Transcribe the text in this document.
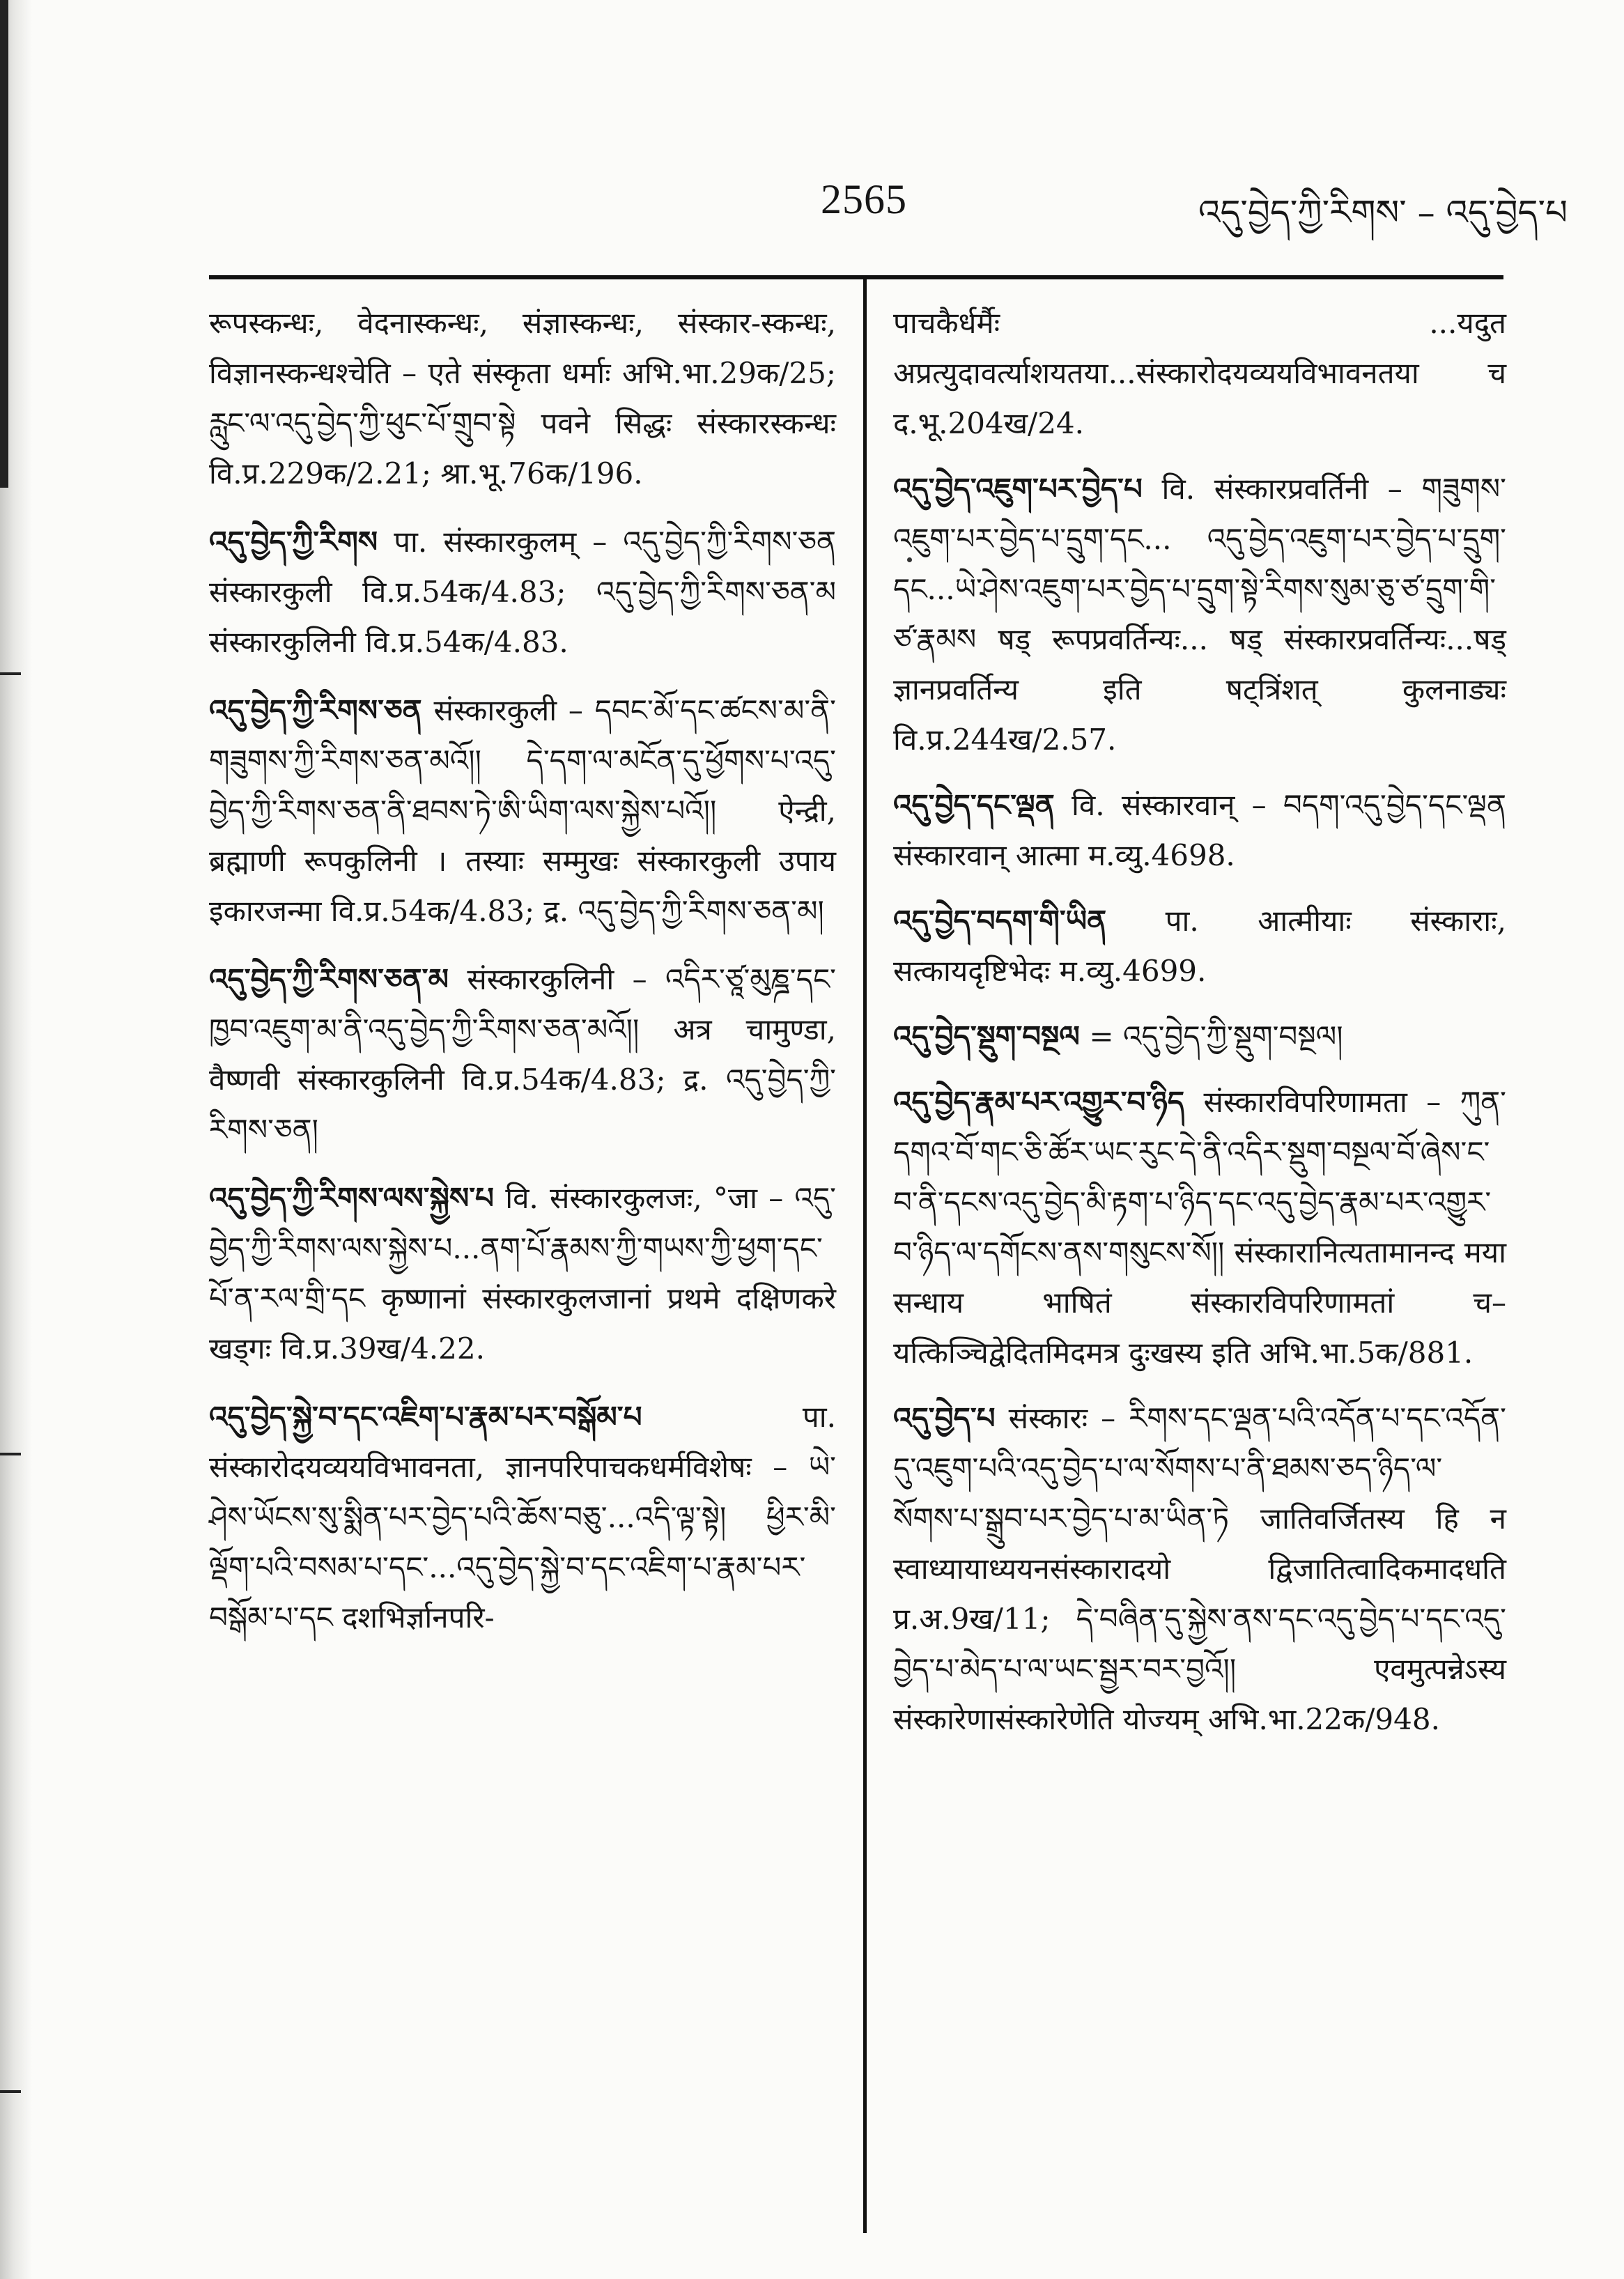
2565	འདུ་བྱེད་ཀྱི་རིགས་ – འདུ་བྱེད་པ
रूपस्कन्धः, वेदनास्कन्धः, संज्ञास्कन्धः, संस्कार-स्कन्धः, विज्ञानस्कन्धश्चेति – एते संस्कृता धर्माः अभि.भा.29क/25; རླུང་ལ་འདུ་བྱེད་ཀྱི་ཕུང་པོ་གྲུབ་སྟེ पवने सिद्धः संस्कारस्कन्धः वि.प्र.229क/2.21; श्रा.भू.76क/196.
འདུ་བྱེད་ཀྱི་རིགས पा. संस्कारकुलम् – འདུ་བྱེད་ཀྱི་རིགས་ཅན संस्कारकुली वि.प्र.54क/4.83; འདུ་བྱེད་ཀྱི་རིགས་ཅན་མ संस्कारकुलिनी वि.प्र.54क/4.83.
འདུ་བྱེད་ཀྱི་རིགས་ཅན संस्कारकुली – དབང་མོ་དང་ཚངས་མ་ནི་གཟུགས་ཀྱི་རིགས་ཅན་མའོ།། དེ་དག་ལ་མངོན་དུ་ཕྱོགས་པ་འདུ་བྱེད་ཀྱི་རིགས་ཅན་ནི་ཐབས་ཏེ་ཨི་ཡིག་ལས་སྐྱེས་པའོ།། ऐन्द्री, ब्रह्माणी रूपकुलिनी । तस्याः सम्मुखः संस्कारकुली उपाय इकारजन्मा वि.प्र.54क/4.83; द्र. འདུ་བྱེད་ཀྱི་རིགས་ཅན་མ།
འདུ་བྱེད་ཀྱི་རིགས་ཅན་མ संस्कारकुलिनी – འདིར་ཙཱ་མུཎྜ་དང་ཁྱབ་འཇུག་མ་ནི་འདུ་བྱེད་ཀྱི་རིགས་ཅན་མའོ།། अत्र चामुण्डा, वैष्णवी संस्कारकुलिनी वि.प्र.54क/4.83; द्र. འདུ་བྱེད་ཀྱི་རིགས་ཅན།
འདུ་བྱེད་ཀྱི་རིགས་ལས་སྐྱེས་པ वि. संस्कारकुलजः, °जा – འདུ་བྱེད་ཀྱི་རིགས་ལས་སྐྱེས་པ...ནག་པོ་རྣམས་ཀྱི་གཡས་ཀྱི་ཕྱག་དང་པོ་ན་རལ་གྲི་དང कृष्णानां संस्कारकुलजानां प्रथमे दक्षिणकरे खड्गः वि.प्र.39ख/4.22.
འདུ་བྱེད་སྐྱེ་བ་དང་འཇིག་པ་རྣམ་པར་བསྒོམ་པ	पा. संस्कारोदयव्ययविभावनता, ज्ञानपरिपाचकधर्मविशेषः – ཡེ་ཤེས་ཡོངས་སུ་སྨིན་པར་བྱེད་པའི་ཆོས་བཅུ་...འདི་ལྟ་སྟེ། ཕྱིར་མི་ལྡོག་པའི་བསམ་པ་དང་...འདུ་བྱེད་སྐྱེ་བ་དང་འཇིག་པ་རྣམ་པར་བསྒོམ་པ་དང दशभिर्ज्ञानपरि-
पाचकैर्धर्मैः ...यदुत अप्रत्युदावर्त्याशयतया...संस्कारोदयव्ययविभावनतया च द.भू.204ख/24.
འདུ་བྱེད་འཇུག་པར་བྱེད་པ वि. संस्कारप्रवर्तिनी – གཟུགས་འཇུག་པར་བྱེད་པ་དྲུག་དང... འདུ་བྱེད་འཇུག་པར་བྱེད་པ་དྲུག་དང...ཡེ་ཤེས་འཇུག་པར་བྱེད་པ་དྲུག་སྟེ་རིགས་སུམ་ཅུ་ཙ་དྲུག་གི་ཙ་རྣམས षड् रूपप्रवर्तिन्यः... षड् संस्कारप्रवर्तिन्यः...षड् ज्ञानप्रवर्तिन्य इति षट्त्रिंशत् कुलनाड्यः वि.प्र.244ख/2.57.
འདུ་བྱེད་དང་ལྡན वि. संस्कारवान् – བདག་འདུ་བྱེད་དང་ལྡན संस्कारवान् आत्मा म.व्यु.4698.
འདུ་བྱེད་བདག་གི་ཡིན पा. आत्मीयाः संस्काराः, सत्कायदृष्टिभेदः म.व्यु.4699.
འདུ་བྱེད་སྡུག་བསྔལ = འདུ་བྱེད་ཀྱི་སྡུག་བསྔལ།
འདུ་བྱེད་རྣམ་པར་འགྱུར་བ་ཉིད संस्कारविपरिणामता – ཀུན་དགའ་བོ་གང་ཅི་ཚོར་ཡང་རུང་དེ་ནི་འདིར་སྡུག་བསྔལ་བོ་ཞེས་ང་བ་ནི་དངས་འདུ་བྱེད་མི་རྟག་པ་ཉིད་དང་འདུ་བྱེད་རྣམ་པར་འགྱུར་བ་ཉིད་ལ་དགོངས་ནས་གསུངས་སོ།། संस्कारानित्यतामानन्द मया सन्धाय भाषितं संस्कारविपरिणामतां च–यत्किञ्चिद्वेदितमिदमत्र दुःखस्य इति अभि.भा.5क/881.
འདུ་བྱེད་པ संस्कारः – རིགས་དང་ལྡན་པའི་འདོན་པ་དང་འདོན་དུ་འཇུག་པའི་འདུ་བྱེད་པ་ལ་སོགས་པ་ནི་ཐམས་ཅད་ཉིད་ལ་སོགས་པ་སྒྲུབ་པར་བྱེད་པ་མ་ཡིན་ཏེ जातिवर्जितस्य हि न स्वाध्यायाध्ययनसंस्कारादयो द्विजातित्वादिकमादधति प्र.अ.9ख/11; དེ་བཞིན་དུ་སྐྱེས་ནས་དང་འདུ་བྱེད་པ་དང་འདུ་བྱེད་པ་མེད་པ་ལ་ཡང་སྦྱར་བར་བྱའོ།། एवमुत्पन्नेऽस्य संस्कारेणासंस्कारेणेति योज्यम् अभि.भा.22क/948.
